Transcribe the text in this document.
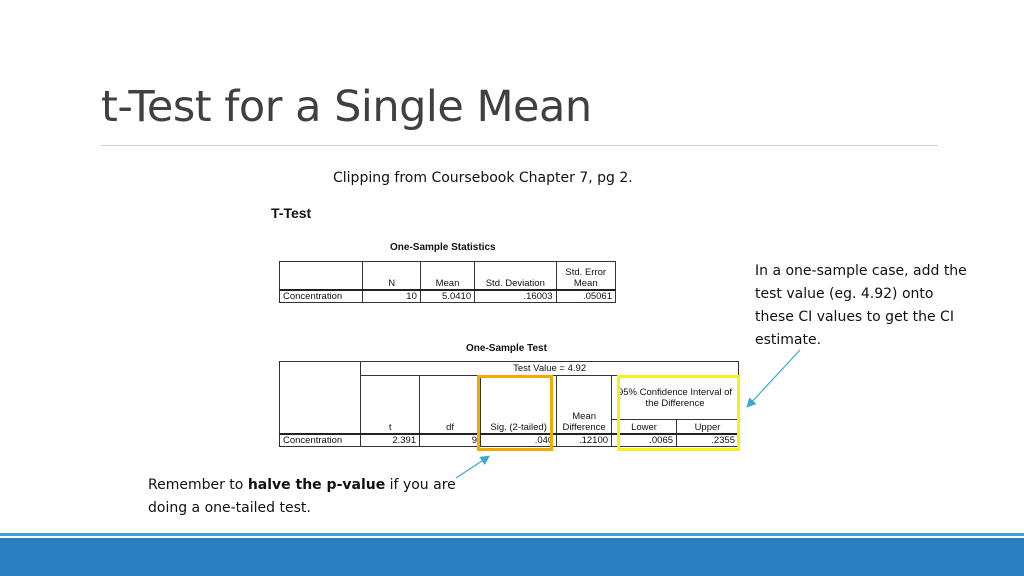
t-Test for a Single Mean
Clipping from Coursebook Chapter 7, pg 2.
T-Test
One-Sample Statistics
	N	Mean	Std. Deviation	Std. Error Mean
Concentration	10	5.0410	.16003	.05061
One-Sample Test
	Test Value = 4.92					
	t	df	Sig. (2-tailed)	Mean Difference	95% Confidence Interval of the Difference	
					Lower	Upper
Concentration	2.391	9	.040	.12100	.0065	.2355
In a one-sample case, add the test value (eg. 4.92) onto these CI values to get the CI estimate.
Remember to halve the p-value if you are doing a one-tailed test.
